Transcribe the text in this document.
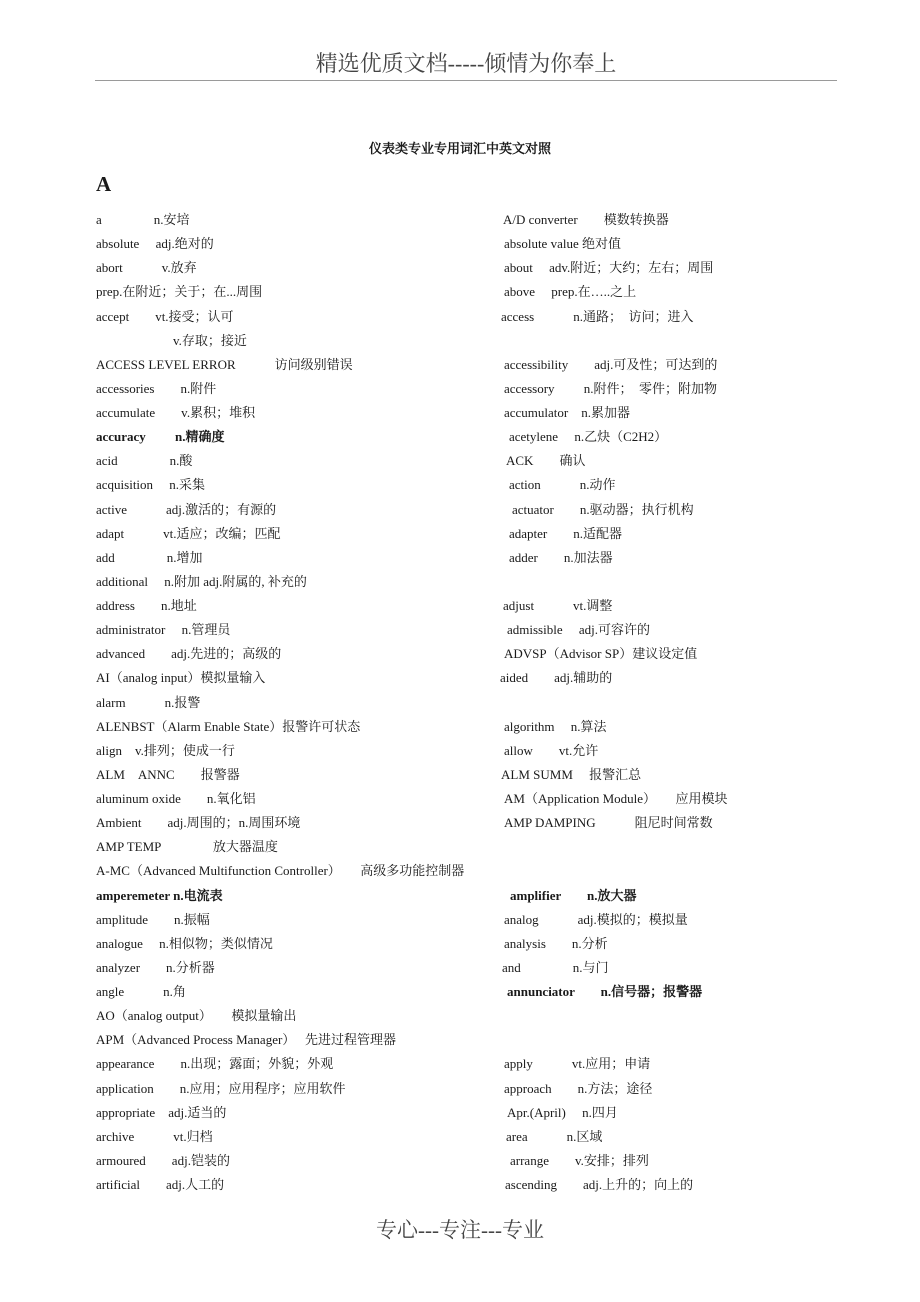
精选优质文档-----倾情为你奉上
仪表类专业专用词汇中英文对照
A
a　　　　n.安培	A/D converter　　模数转换器
absolute　 adj.绝对的	absolute value 绝对值
abort　　　v.放弃	about　 adv.附近；大约；左右；周围
prep.在附近；关于；在...周围	above　 prep.在…..之上
accept　　vt.接受；认可	access　　　n.通路；　访问；进入
v.存取；接近
ACCESS LEVEL ERROR　　　访问级别错误	accessibility　　adj.可及性；可达到的
accessories　　n.附件	accessory　　 n.附件；　零件；附加物
accumulate　　v.累积；堆积	accumulator　n.累加器
accuracy　　 n.精确度	acetylene　 n.乙炔（C2H2）
acid　　　　n.酸	ACK　　确认
acquisition　 n.采集	action　　　n.动作
active　　　adj.激活的；有源的	actuator　　n.驱动器；执行机构
adapt　　　vt.适应；改编；匹配	adapter　　n.适配器
add　　　　n.增加	adder　　n.加法器
additional　 n.附加 adj.附属的, 补充的
address　　n.地址	adjust　　　vt.调整
administrator　 n.管理员	admissible　 adj.可容许的
advanced　　adj.先进的；高级的	ADVSP（Advisor SP）建议设定值
AI（analog input）模拟量输入	aided　　adj.辅助的
alarm　　　n.报警
ALENBST（Alarm Enable State）报警许可状态	algorithm　 n.算法
align　v.排列；使成一行	allow　　vt.允许
ALM　ANNC　　报警器	ALM SUMM　 报警汇总
aluminum oxide　　n.氧化铝	AM（Application Module）　　应用模块
Ambient　　adj.周围的；n.周围环境	AMP DAMPING　　　阻尼时间常数
AMP TEMP　　　　放大器温度
A-MC（Advanced Multifunction Controller）　　高级多功能控制器
amperemeter n.电流表	amplifier　　n.放大器
amplitude　　n.振幅	analog　　　adj.模拟的；模拟量
analogue　 n.相似物；类似情况	analysis　　n.分析
analyzer　　n.分析器	and　　　　n.与门
angle　　　n.角	annunciator　　n.信号器；报警器
AO（analog output）　　模拟量输出
APM（Advanced Process Manager）　 先进过程管理器
appearance　　n.出现；露面；外貌；外观	apply　　　vt.应用；申请
application　　n.应用；应用程序；应用软件	approach　　n.方法；途径
appropriate　adj.适当的	Apr.(April)　 n.四月
archive　　　vt.归档	area　　　n.区域
armoured　　adj.铠装的	arrange　　v.安排；排列
artificial　　adj.人工的	ascending　　adj.上升的；向上的
专心---专注---专业
